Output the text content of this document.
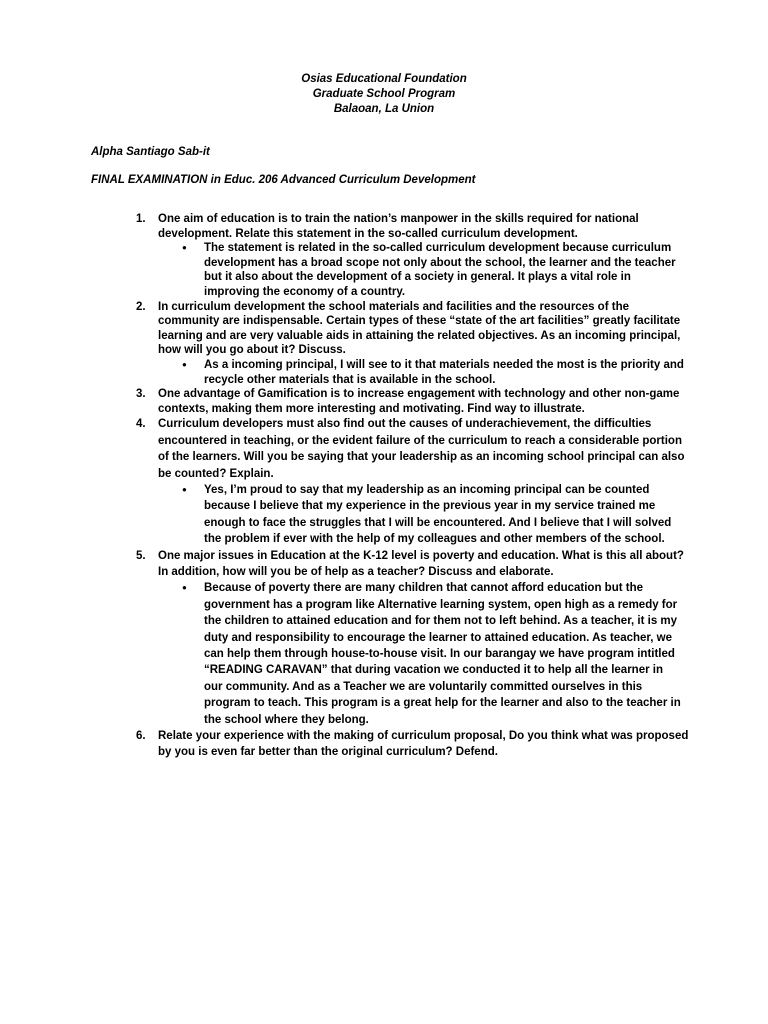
Osias Educational Foundation
Graduate School Program
Balaoan, La Union
Alpha Santiago Sab-it
FINAL EXAMINATION in Educ. 206 Advanced Curriculum Development
1. One aim of education is to train the nation’s manpower in the skills required for national development. Relate this statement in the so-called curriculum development.
● The statement is related in the so-called curriculum development because curriculum development has a broad scope not only about the school, the learner and the teacher but it also about the development of a society in general. It plays a vital role in improving the economy of a country.
2. In curriculum development the school materials and facilities and the resources of the community are indispensable. Certain types of these “state of the art facilities” greatly facilitate learning and are very valuable aids in attaining the related objectives. As an incoming principal, how will you go about it? Discuss.
● As a incoming principal, I will see to it that materials needed the most is the priority and recycle other materials that is available in the school.
3. One advantage of Gamification is to increase engagement with technology and other non-game contexts, making them more interesting and motivating. Find way to illustrate.
4. Curriculum developers must also find out the causes of underachievement, the difficulties encountered in teaching, or the evident failure of the curriculum to reach a considerable portion of the learners. Will you be saying that your leadership as an incoming school principal can also be counted? Explain.
● Yes, I’m proud to say that my leadership as an incoming principal can be counted because I believe that my experience in the previous year in my service trained me enough to face the struggles that I will be encountered. And I believe that I will solved the problem if ever with the help of my colleagues and other members of the school.
5. One major issues in Education at the K-12 level is poverty and education. What is this all about? In addition, how will you be of help as a teacher? Discuss and elaborate.
● Because of poverty there are many children that cannot afford education but the government has a program like Alternative learning system, open high as a remedy for the children to attained education and for them not to left behind. As a teacher, it is my duty and responsibility to encourage the learner to attained education. As teacher, we can help them through house-to-house visit. In our barangay we have program intitled “READING CARAVAN” that during vacation we conducted it to help all the learner in our community. And as a Teacher we are voluntarily committed ourselves in this program to teach. This program is a great help for the learner and also to the teacher in the school where they belong.
6. Relate your experience with the making of curriculum proposal, Do you think what was proposed by you is even far better than the original curriculum? Defend.
